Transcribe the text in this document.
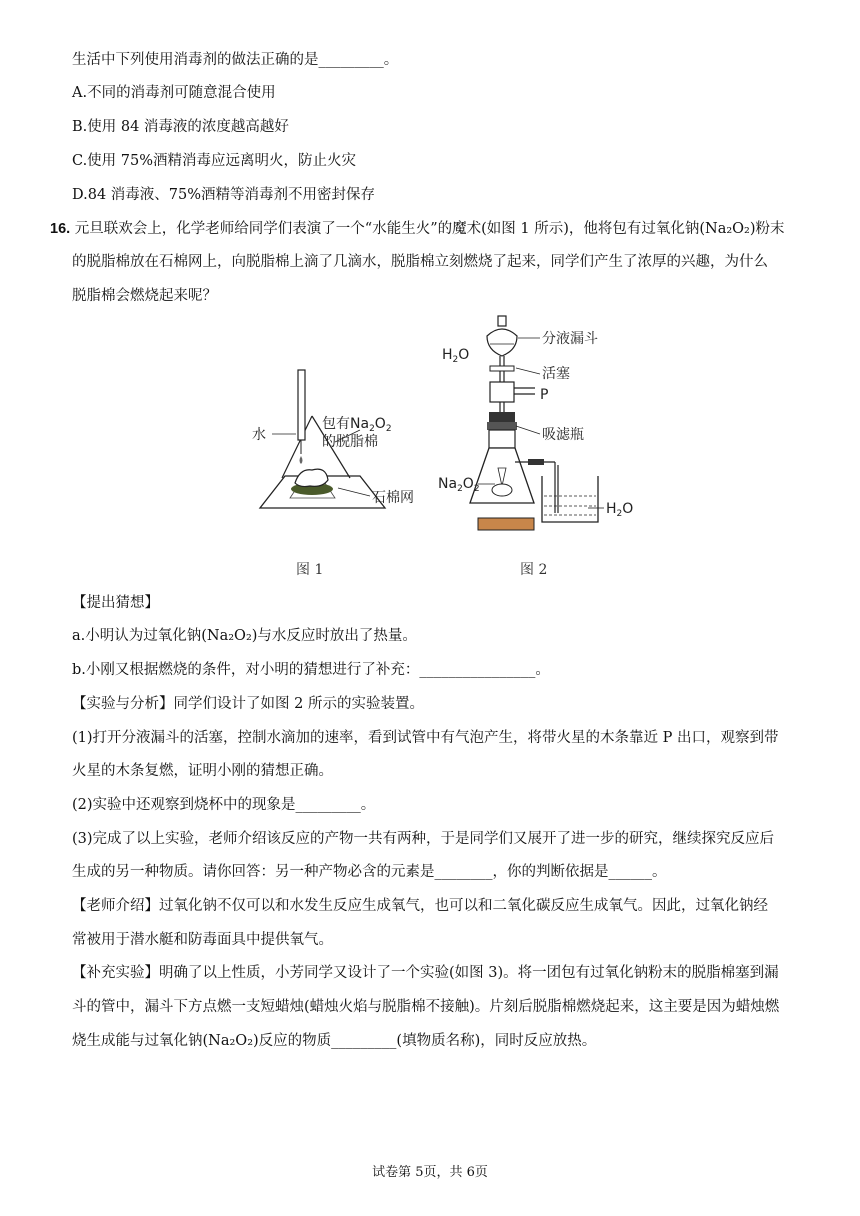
生活中下列使用消毒剂的做法正确的是_________。
A.不同的消毒剂可随意混合使用
B.使用 84 消毒液的浓度越高越好
C.使用 75%酒精消毒应远离明火，防止火灾
D.84 消毒液、75%酒精等消毒剂不用密封保存
16. 元旦联欢会上，化学老师给同学们表演了一个“水能生火”的魔术(如图 1 所示)，他将包有过氧化钠(Na₂O₂)粉末
的脱脂棉放在石棉网上，向脱脂棉上滴了几滴水，脱脂棉立刻燃烧了起来，同学们产生了浓厚的兴趣，为什么
脱脂棉会燃烧起来呢？
水
包有$Na_2O_2$
的脱脂棉
石棉网
图 1
$H_2O$
分液漏斗
活塞
P
吸滤瓶
$Na_2O_2$
$H_2O$
图 2
【提出猜想】
a.小明认为过氧化钠(Na₂O₂)与水反应时放出了热量。
b.小刚又根据燃烧的条件，对小明的猜想进行了补充：________________。
【实验与分析】同学们设计了如图 2 所示的实验装置。
(1)打开分液漏斗的活塞，控制水滴加的速率，看到试管中有气泡产生，将带火星的木条靠近 P 出口，观察到带
火星的木条复燃，证明小刚的猜想正确。
(2)实验中还观察到烧杯中的现象是_________。
(3)完成了以上实验，老师介绍该反应的产物一共有两种，于是同学们又展开了进一步的研究，继续探究反应后
生成的另一种物质。请你回答：另一种产物必含的元素是________，你的判断依据是______。
【老师介绍】过氧化钠不仅可以和水发生反应生成氧气，也可以和二氧化碳反应生成氧气。因此，过氧化钠经
常被用于潜水艇和防毒面具中提供氧气。
【补充实验】明确了以上性质，小芳同学又设计了一个实验(如图 3)。将一团包有过氧化钠粉末的脱脂棉塞到漏
斗的管中，漏斗下方点燃一支短蜡烛(蜡烛火焰与脱脂棉不接触)。片刻后脱脂棉燃烧起来，这主要是因为蜡烛燃
烧生成能与过氧化钠(Na₂O₂)反应的物质_________(填物质名称)，同时反应放热。
试卷第 5页，共 6页
